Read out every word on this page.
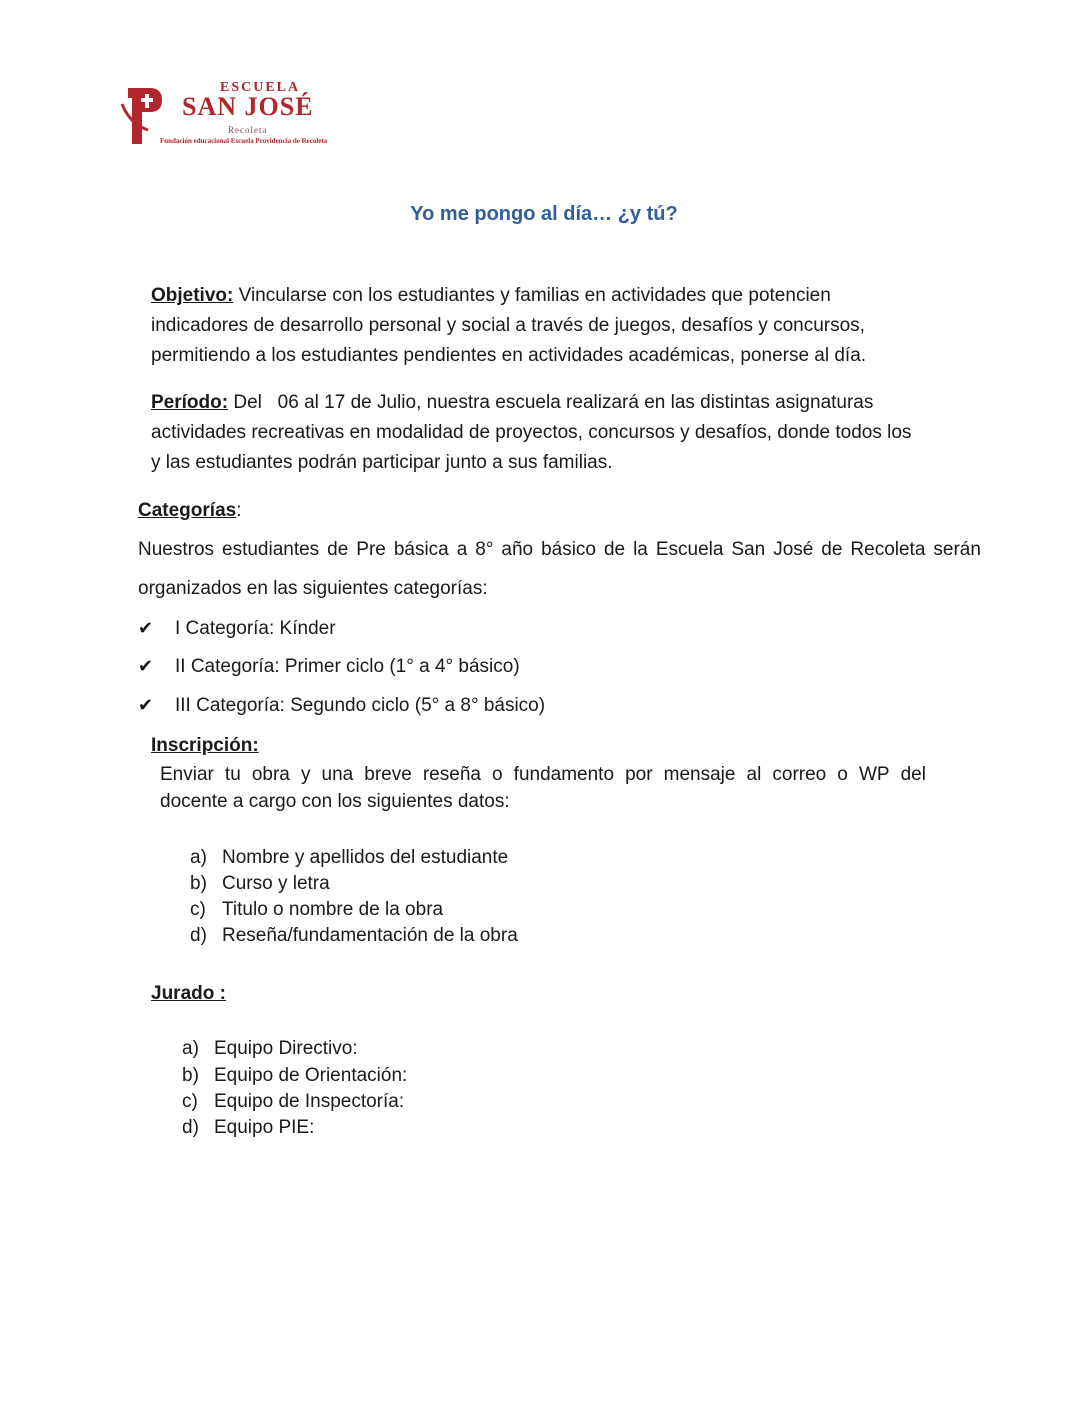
ESCUELA
SAN JOSÉ
Recoleta
Fundación educacional Escuela Providencia de Recoleta
Yo me pongo al día… ¿y tú?
Objetivo: Vincularse con los estudiantes y familias en actividades que potencien
indicadores de desarrollo personal y social a través de juegos, desafíos y concursos,
permitiendo a los estudiantes pendientes en actividades académicas, ponerse al día.
Período: Del   06 al 17 de Julio, nuestra escuela realizará en las distintas asignaturas
actividades recreativas en modalidad de proyectos, concursos y desafíos, donde todos los
y las estudiantes podrán participar junto a sus familias.
Categorías:
Nuestros estudiantes de Pre básica a 8° año básico de la Escuela San José de Recoleta serán
organizados en las siguientes categorías:
✔ I Categoría: Kínder
✔ II Categoría: Primer ciclo (1° a 4° básico)
✔ III Categoría: Segundo ciclo (5° a 8° básico)
Inscripción:
Enviar tu obra y una breve reseña o fundamento por mensaje al correo o WP del
docente a cargo con los siguientes datos:
a) Nombre y apellidos del estudiante
b) Curso y letra
c) Titulo o nombre de la obra
d) Reseña/fundamentación de la obra
Jurado :
a) Equipo Directivo:
b) Equipo de Orientación:
c) Equipo de Inspectoría:
d) Equipo PIE:
